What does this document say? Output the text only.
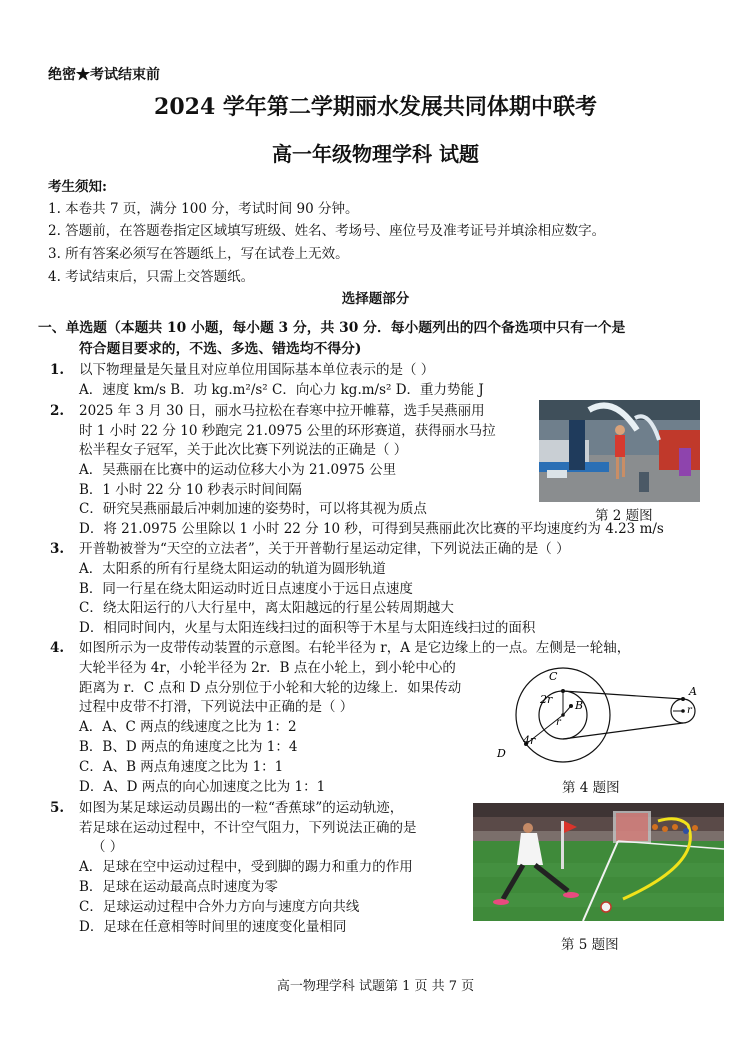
绝密★考试结束前
2024 学年第二学期丽水发展共同体期中联考
高一年级物理学科 试题
考生须知:
1. 本卷共 7 页，满分 100 分，考试时间 90 分钟。
2. 答题前，在答题卷指定区域填写班级、姓名、考场号、座位号及准考证号并填涂相应数字。
3. 所有答案必须写在答题纸上，写在试卷上无效。
4. 考试结束后，只需上交答题纸。
选择题部分
一、单选题（本题共 10 小题，每小题 3 分，共 30 分．每小题列出的四个备选项中只有一个是
符合题目要求的，不选、多选、错选均不得分)
1. 以下物理量是矢量且对应单位用国际基本单位表示的是（ ）
A．速度 km/s B．功 kg.m²/s² C．向心力 kg.m/s² D．重力势能 J
2. 2025 年 3 月 30 日，丽水马拉松在春寒中拉开帷幕，选手吴燕丽用
时 1 小时 22 分 10 秒跑完 21.0975 公里的环形赛道，获得丽水马拉
松半程女子冠军，关于此次比赛下列说法的正确是（ ）
A．吴燕丽在比赛中的运动位移大小为 21.0975 公里
B．1 小时 22 分 10 秒表示时间间隔
C．研究吴燕丽最后冲刺加速的姿势时，可以将其视为质点
D．将 21.0975 公里除以 1 小时 22 分 10 秒，可得到吴燕丽此次比赛的平均速度约为 4.23 m/s
第 2 题图
3. 开普勒被誉为“天空的立法者”，关于开普勒行星运动定律，下列说法正确的是（ ）
A．太阳系的所有行星绕太阳运动的轨道为圆形轨道
B．同一行星在绕太阳运动时近日点速度小于远日点速度
C．绕太阳运行的八大行星中，离太阳越远的行星公转周期越大
D．相同时间内，火星与太阳连线扫过的面积等于木星与太阳连线扫过的面积
4. 如图所示为一皮带传动装置的示意图。右轮半径为 r，A 是它边缘上的一点。左侧是一轮轴，
大轮半径为 4r，小轮半径为 2r．B 点在小轮上，到小轮中心的
距离为 r．C 点和 D 点分别位于小轮和大轮的边缘上．如果传动
过程中皮带不打滑，下列说法中正确的是（ ）
A．A、C 两点的线速度之比为 1：2
B．B、D 两点的角速度之比为 1：4
C．A、B 两点角速度之比为 1：1
D．A、D 两点的向心加速度之比为 1：1
C
2r B
r
4r
D
A
r
第 4 题图
5. 如图为某足球运动员踢出的一粒“香蕉球”的运动轨迹，
若足球在运动过程中，不计空气阻力，下列说法正确的是
（ ）
A．足球在空中运动过程中，受到脚的踢力和重力的作用
B．足球在运动最高点时速度为零
C．足球运动过程中合外力方向与速度方向共线
D．足球在任意相等时间里的速度变化量相同
第 5 题图
高一物理学科 试题第 1 页 共 7 页
